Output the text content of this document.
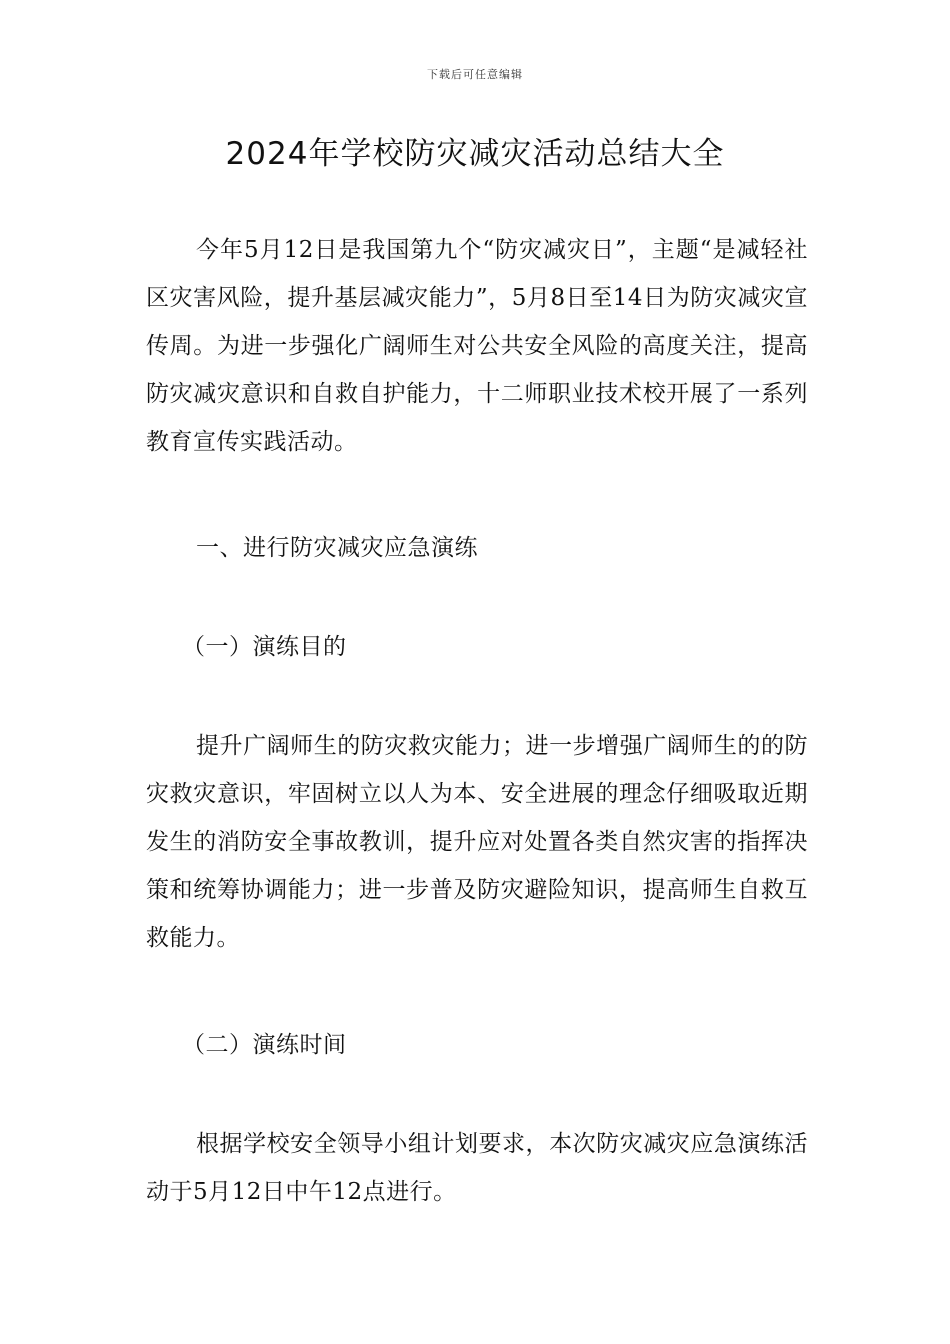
下载后可任意编辑
2024年学校防灾减灾活动总结大全

今年5月12日是我国第九个“防灾减灾日”，主题“是减轻社区灾害风险，提升基层减灾能力”，5月8日至14日为防灾减灾宣传周。为进一步强化广阔师生对公共安全风险的高度关注，提高防灾减灾意识和自救自护能力，十二师职业技术校开展了一系列教育宣传实践活动。

一、进行防灾减灾应急演练

（一）演练目的

提升广阔师生的防灾救灾能力；进一步增强广阔师生的的防灾救灾意识，牢固树立以人为本、安全进展的理念仔细吸取近期发生的消防安全事故教训，提升应对处置各类自然灾害的指挥决策和统筹协调能力；进一步普及防灾避险知识，提高师生自救互救能力。

（二）演练时间

根据学校安全领导小组计划要求，本次防灾减灾应急演练活动于5月12日中午12点进行。
